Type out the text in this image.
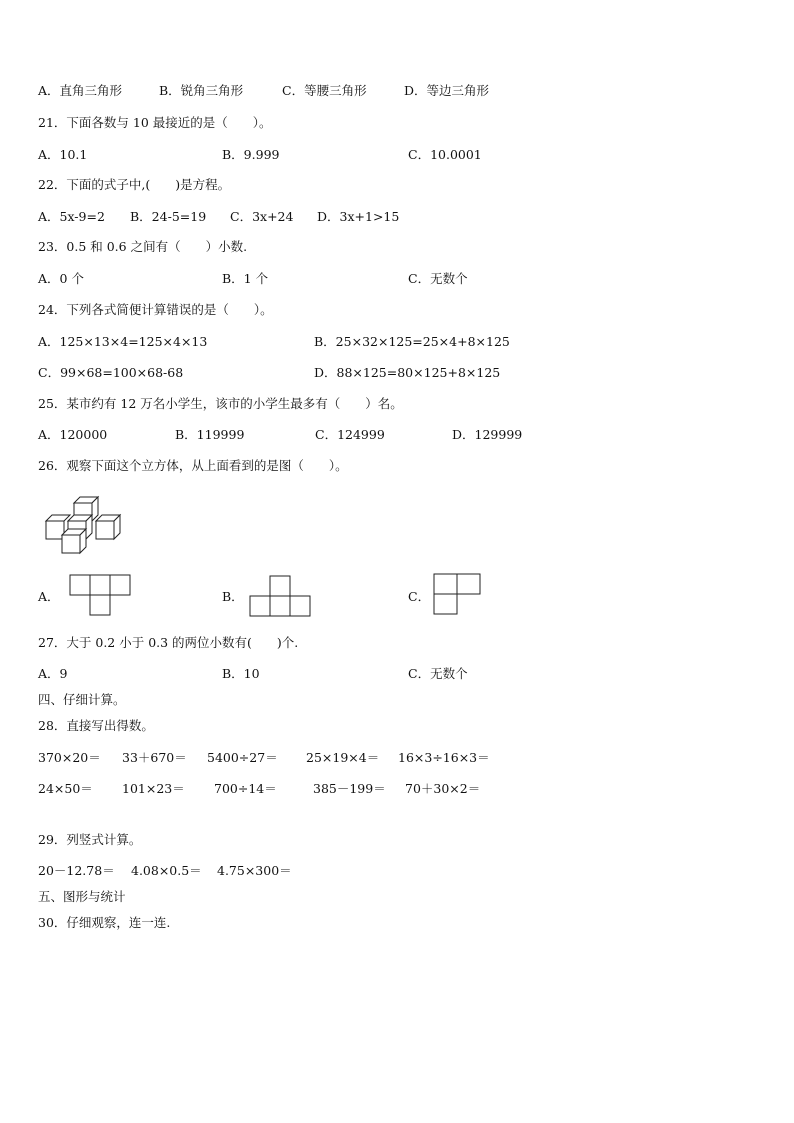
A．直角三角形	B．锐角三角形	C．等腰三角形	D．等边三角形
21．下面各数与 10 最接近的是（　　）。
A．10.1	B．9.999	C．10.0001
22．下面的式子中,(　　)是方程。
A．5x-9=2 B．24-5=19 C．3x+24 D．3x+1>15
23．0.5 和 0.6 之间有（　　）小数.
A．0 个	B．1 个	C．无数个
24．下列各式简便计算错误的是（　　）。
A．125×13×4=125×4×13	B．25×32×125=25×4+8×125
C．99×68=100×68-68	D．88×125=80×125+8×125
25．某市约有 12 万名小学生，该市的小学生最多有（　　）名。
A．120000	B．119999	C．124999	D．129999
26．观察下面这个立方体，从上面看到的是图（　　）。
A．	B．	C．
27．大于 0.2 小于 0.3 的两位小数有(　　)个.
A．9	B．10	C．无数个
四、仔细计算。
28．直接写出得数。
370×20＝ 33＋670＝ 5400÷27＝ 25×19×4＝ 16×3÷16×3＝
24×50＝ 101×23＝ 700÷14＝	385－199＝ 70＋30×2＝
29．列竖式计算。
20－12.78＝ 4.08×0.5＝ 4.75×300＝
五、图形与统计
30．仔细观察，连一连.
